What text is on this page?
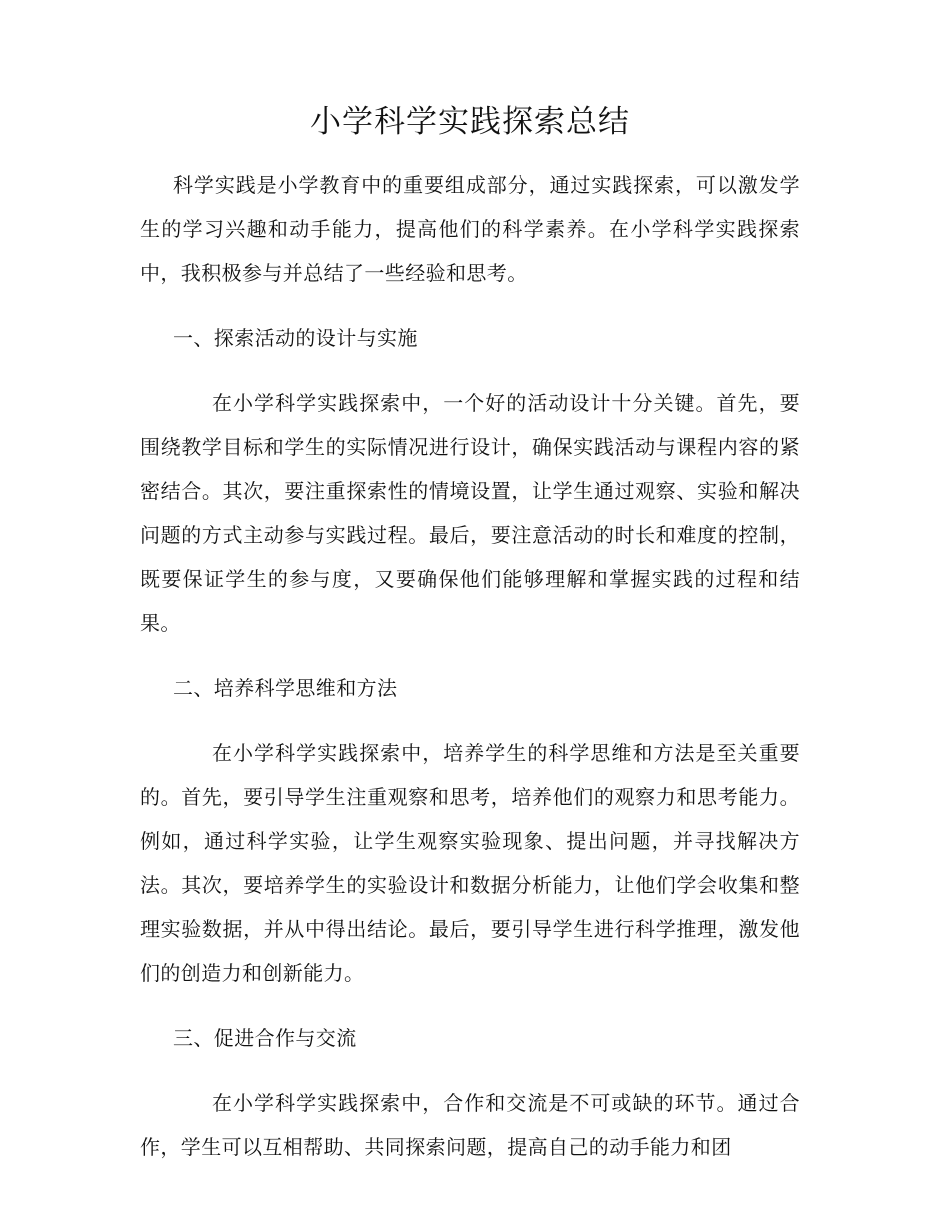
小学科学实践探索总结

科学实践是小学教育中的重要组成部分，通过实践探索，可以激发学生的学习兴趣和动手能力，提高他们的科学素养。在小学科学实践探索中，我积极参与并总结了一些经验和思考。

一、探索活动的设计与实施

在小学科学实践探索中，一个好的活动设计十分关键。首先，要围绕教学目标和学生的实际情况进行设计，确保实践活动与课程内容的紧密结合。其次，要注重探索性的情境设置，让学生通过观察、实验和解决问题的方式主动参与实践过程。最后，要注意活动的时长和难度的控制，既要保证学生的参与度，又要确保他们能够理解和掌握实践的过程和结果。

二、培养科学思维和方法

在小学科学实践探索中，培养学生的科学思维和方法是至关重要的。首先，要引导学生注重观察和思考，培养他们的观察力和思考能力。例如，通过科学实验，让学生观察实验现象、提出问题，并寻找解决方法。其次，要培养学生的实验设计和数据分析能力，让他们学会收集和整理实验数据，并从中得出结论。最后，要引导学生进行科学推理，激发他们的创造力和创新能力。

三、促进合作与交流

在小学科学实践探索中，合作和交流是不可或缺的环节。通过合作，学生可以互相帮助、共同探索问题，提高自己的动手能力和团
